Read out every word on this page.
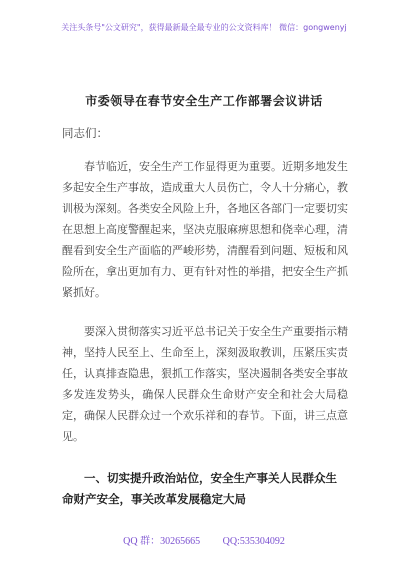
关注头条号"公文研究"，获得最新最全最专业的公文资料库！ 微信：gongwenyj
市委领导在春节安全生产工作部署会议讲话
同志们：

春节临近，安全生产工作显得更为重要。近期多地发生多起安全生产事故，造成重大人员伤亡，令人十分痛心，教训极为深刻。各类安全风险上升，各地区各部门一定要切实在思想上高度警醒起来，坚决克服麻痹思想和侥幸心理，清醒看到安全生产面临的严峻形势，清醒看到问题、短板和风险所在，拿出更加有力、更有针对性的举措，把安全生产抓紧抓好。

要深入贯彻落实习近平总书记关于安全生产重要指示精神，坚持人民至上、生命至上，深刻汲取教训，压紧压实责任，认真排查隐患，狠抓工作落实，坚决遏制各类安全事故多发连发势头，确保人民群众生命财产安全和社会大局稳定，确保人民群众过一个欢乐祥和的春节。下面，讲三点意见。

一、切实提升政治站位，安全生产事关人民群众生命财产安全，事关改革发展稳定大局

QQ 群：30265665 QQ:535304092
